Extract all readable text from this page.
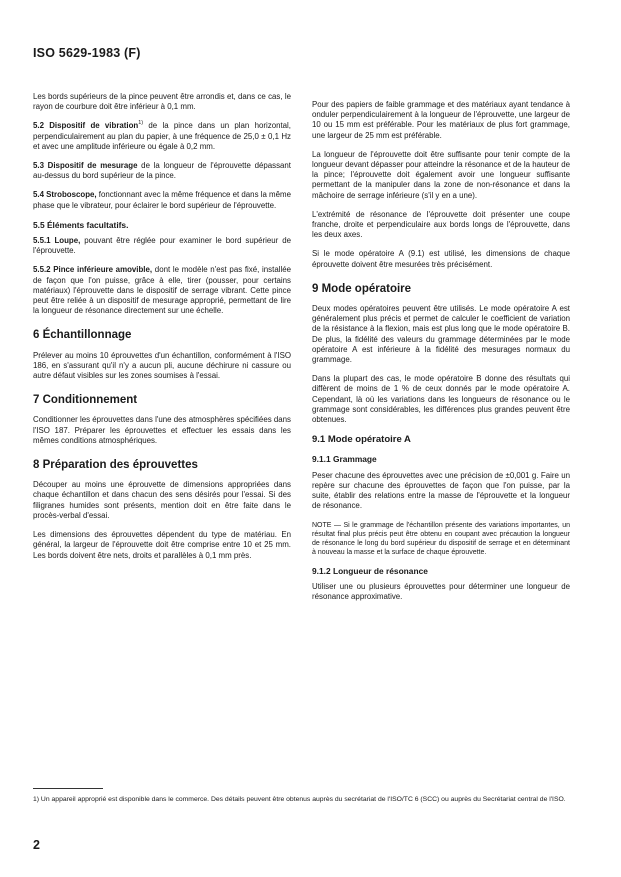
ISO 5629-1983 (F)

Les bords supérieurs de la pince peuvent être arrondis et, dans ce cas, le rayon de courbure doit être inférieur à 0,1 mm.

5.2 Dispositif de vibration$^{1)}$ de la pince dans un plan horizontal, perpendiculairement au plan du papier, à une fréquence de 25,0 ± 0,1 Hz et avec une amplitude inférieure ou égale à 0,2 mm.

5.3 Dispositif de mesurage de la longueur de l'éprouvette dépassant au-dessus du bord supérieur de la pince.

5.4 Stroboscope, fonctionnant avec la même fréquence et dans la même phase que le vibrateur, pour éclairer le bord supérieur de l'éprouvette.

5.5 Éléments facultatifs.

5.5.1 Loupe, pouvant être réglée pour examiner le bord supérieur de l'éprouvette.

5.5.2 Pince inférieure amovible, dont le modèle n'est pas fixé, installée de façon que l'on puisse, grâce à elle, tirer (pousser, pour certains matériaux) l'éprouvette dans le dispositif de serrage vibrant. Cette pince peut être reliée à un dispositif de mesurage approprié, permettant de lire la longueur de résonance directement sur une échelle.

6 Échantillonnage

Prélever au moins 10 éprouvettes d'un échantillon, conformément à l'ISO 186, en s'assurant qu'il n'y a aucun pli, aucune déchirure ni cassure ou autre défaut visibles sur les zones soumises à l'essai.

7 Conditionnement

Conditionner les éprouvettes dans l'une des atmosphères spécifiées dans l'ISO 187. Préparer les éprouvettes et effectuer les essais dans les mêmes conditions atmosphériques.

8 Préparation des éprouvettes

Découper au moins une éprouvette de dimensions appropriées dans chaque échantillon et dans chacun des sens désirés pour l'essai. Si des filigranes humides sont présents, mention doit en être faite dans le procès-verbal d'essai.

Les dimensions des éprouvettes dépendent du type de matériau. En général, la largeur de l'éprouvette doit être comprise entre 10 et 25 mm. Les bords doivent être nets, droits et parallèles à 0,1 mm près.

Pour des papiers de faible grammage et des matériaux ayant tendance à onduler perpendiculairement à la longueur de l'éprouvette, une largeur de 10 ou 15 mm est préférable. Pour les matériaux de plus fort grammage, une largeur de 25 mm est préférable.

La longueur de l'éprouvette doit être suffisante pour tenir compte de la longueur devant dépasser pour atteindre la résonance et de la hauteur de la pince; l'éprouvette doit également avoir une longueur suffisante permettant de la manipuler dans la zone de non-résonance et dans la mâchoire de serrage inférieure (s'il y en a une).

L'extrémité de résonance de l'éprouvette doit présenter une coupe franche, droite et perpendiculaire aux bords longs de l'éprouvette, dans les deux axes.

Si le mode opératoire A (9.1) est utilisé, les dimensions de chaque éprouvette doivent être mesurées très précisément.

9 Mode opératoire

Deux modes opératoires peuvent être utilisés. Le mode opératoire A est généralement plus précis et permet de calculer le coefficient de variation de la résistance à la flexion, mais est plus long que le mode opératoire B. De plus, la fidélité des valeurs du grammage déterminées par le mode opératoire A est inférieure à la fidélité des mesurages normaux du grammage.

Dans la plupart des cas, le mode opératoire B donne des résultats qui diffèrent de moins de 1 % de ceux donnés par le mode opératoire A. Cependant, là où les variations dans les longueurs de résonance ou le grammage sont considérables, les différences plus grandes peuvent être obtenues.

9.1 Mode opératoire A
9.1.1 Grammage

Peser chacune des éprouvettes avec une précision de ±0,001 g. Faire un repère sur chacune des éprouvettes de façon que l'on puisse, par la suite, établir des relations entre la masse de l'éprouvette et la longueur de résonance.

NOTE — Si le grammage de l'échantillon présente des variations importantes, un résultat final plus précis peut être obtenu en coupant avec précaution la longueur de résonance le long du bord supérieur du dispositif de serrage et en déterminant à nouveau la masse et la surface de chaque éprouvette.

9.1.2 Longueur de résonance

Utiliser une ou plusieurs éprouvettes pour déterminer une longueur de résonance approximative.

1) Un appareil approprié est disponible dans le commerce. Des détails peuvent être obtenus auprès du secrétariat de l'ISO/TC 6 (SCC) ou auprès du Secrétariat central de l'ISO.
2
